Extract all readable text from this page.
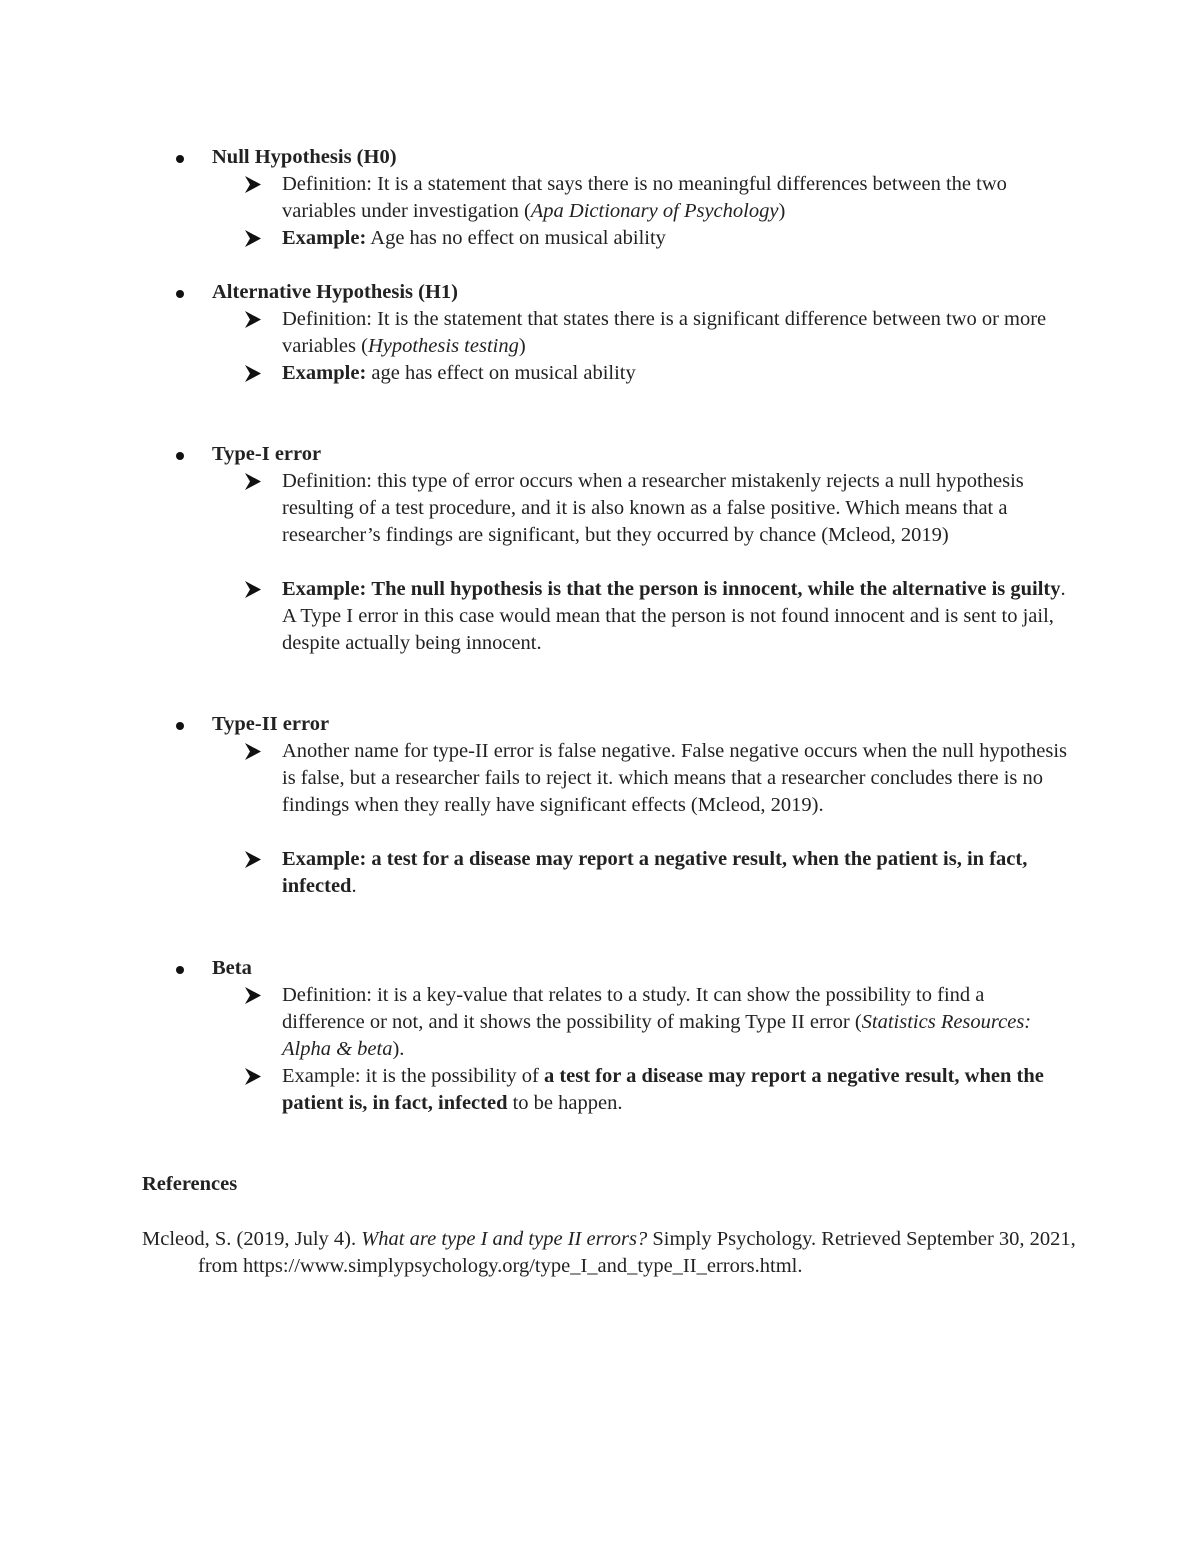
Null Hypothesis (H0)
Definition: It is a statement that says there is no meaningful differences between the two variables under investigation (Apa Dictionary of Psychology)
Example: Age has no effect on musical ability
Alternative Hypothesis (H1)
Definition: It is the statement that states there is a significant difference between two or more variables (Hypothesis testing)
Example: age has effect on musical ability
Type-I error
Definition: this type of error occurs when a researcher mistakenly rejects a null hypothesis resulting of a test procedure, and it is also known as a false positive. Which means that a researcher’s findings are significant, but they occurred by chance (Mcleod, 2019)
Example: The null hypothesis is that the person is innocent, while the alternative is guilty. A Type I error in this case would mean that the person is not found innocent and is sent to jail, despite actually being innocent.
Type-II error
Another name for type-II error is false negative. False negative occurs when the null hypothesis is false, but a researcher fails to reject it. which means that a researcher concludes there is no findings when they really have significant effects (Mcleod, 2019).
Example: a test for a disease may report a negative result, when the patient is, in fact, infected.
Beta
Definition: it is a key-value that relates to a study. It can show the possibility to find a difference or not, and it shows the possibility of making Type II error (Statistics Resources: Alpha & beta).
Example: it is the possibility of a test for a disease may report a negative result, when the patient is, in fact, infected to be happen.
References
Mcleod, S. (2019, July 4). What are type I and type II errors? Simply Psychology. Retrieved September 30, 2021, from https://www.simplypsychology.org/type_I_and_type_II_errors.html.
